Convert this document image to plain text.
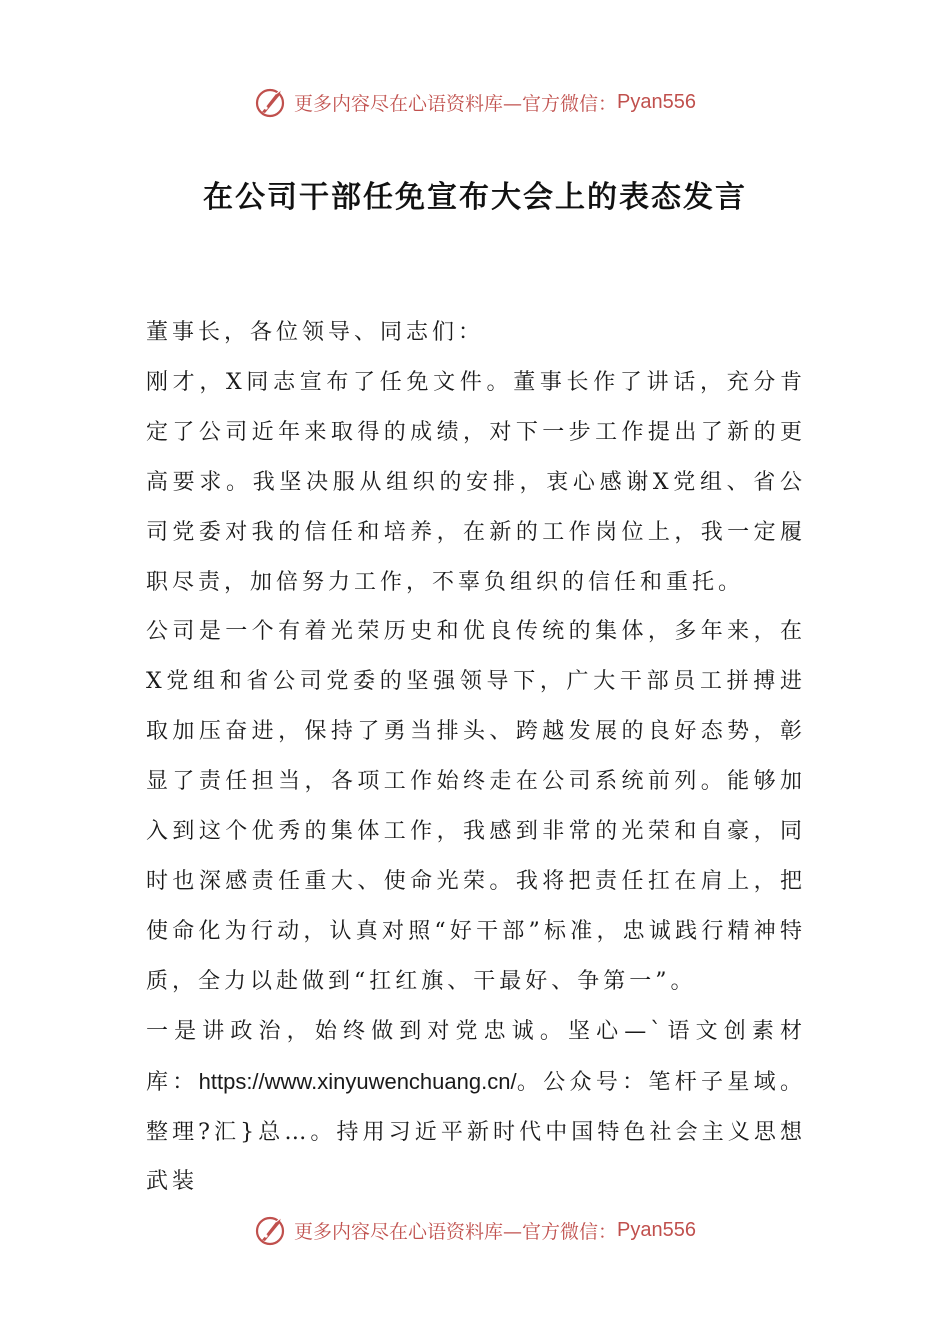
更多内容尽在心语资料库—官方微信： Pyan556
在公司干部任免宣布大会上的表态发言

董事长，各位领导、同志们：

刚才，X同志宣布了任免文件。董事长作了讲话，充分肯定了公司近年来取得的成绩，对下一步工作提出了新的更高要求。我坚决服从组织的安排，衷心感谢X党组、省公司党委对我的信任和培养，在新的工作岗位上，我一定履职尽责，加倍努力工作，不辜负组织的信任和重托。

公司是一个有着光荣历史和优良传统的集体，多年来，在X党组和省公司党委的坚强领导下，广大干部员工拼搏进取加压奋进，保持了勇当排头、跨越发展的良好态势，彰显了责任担当，各项工作始终走在公司系统前列。能够加入到这个优秀的集体工作，我感到非常的光荣和自豪，同时也深感责任重大、使命光荣。我将把责任扛在肩上，把使命化为行动，认真对照“好干部”标准，忠诚践行精神特质，全力以赴做到“扛红旗、干最好、争第一”。

一是讲政治，始终做到对党忠诚。坚心—`语文创素材库：https://www.xinyuwenchuang.cn/。公众号：笔杆子星域。整理?汇}总…。持用习近平新时代中国特色社会主义思想武装

更多内容尽在心语资料库—官方微信： Pyan556
